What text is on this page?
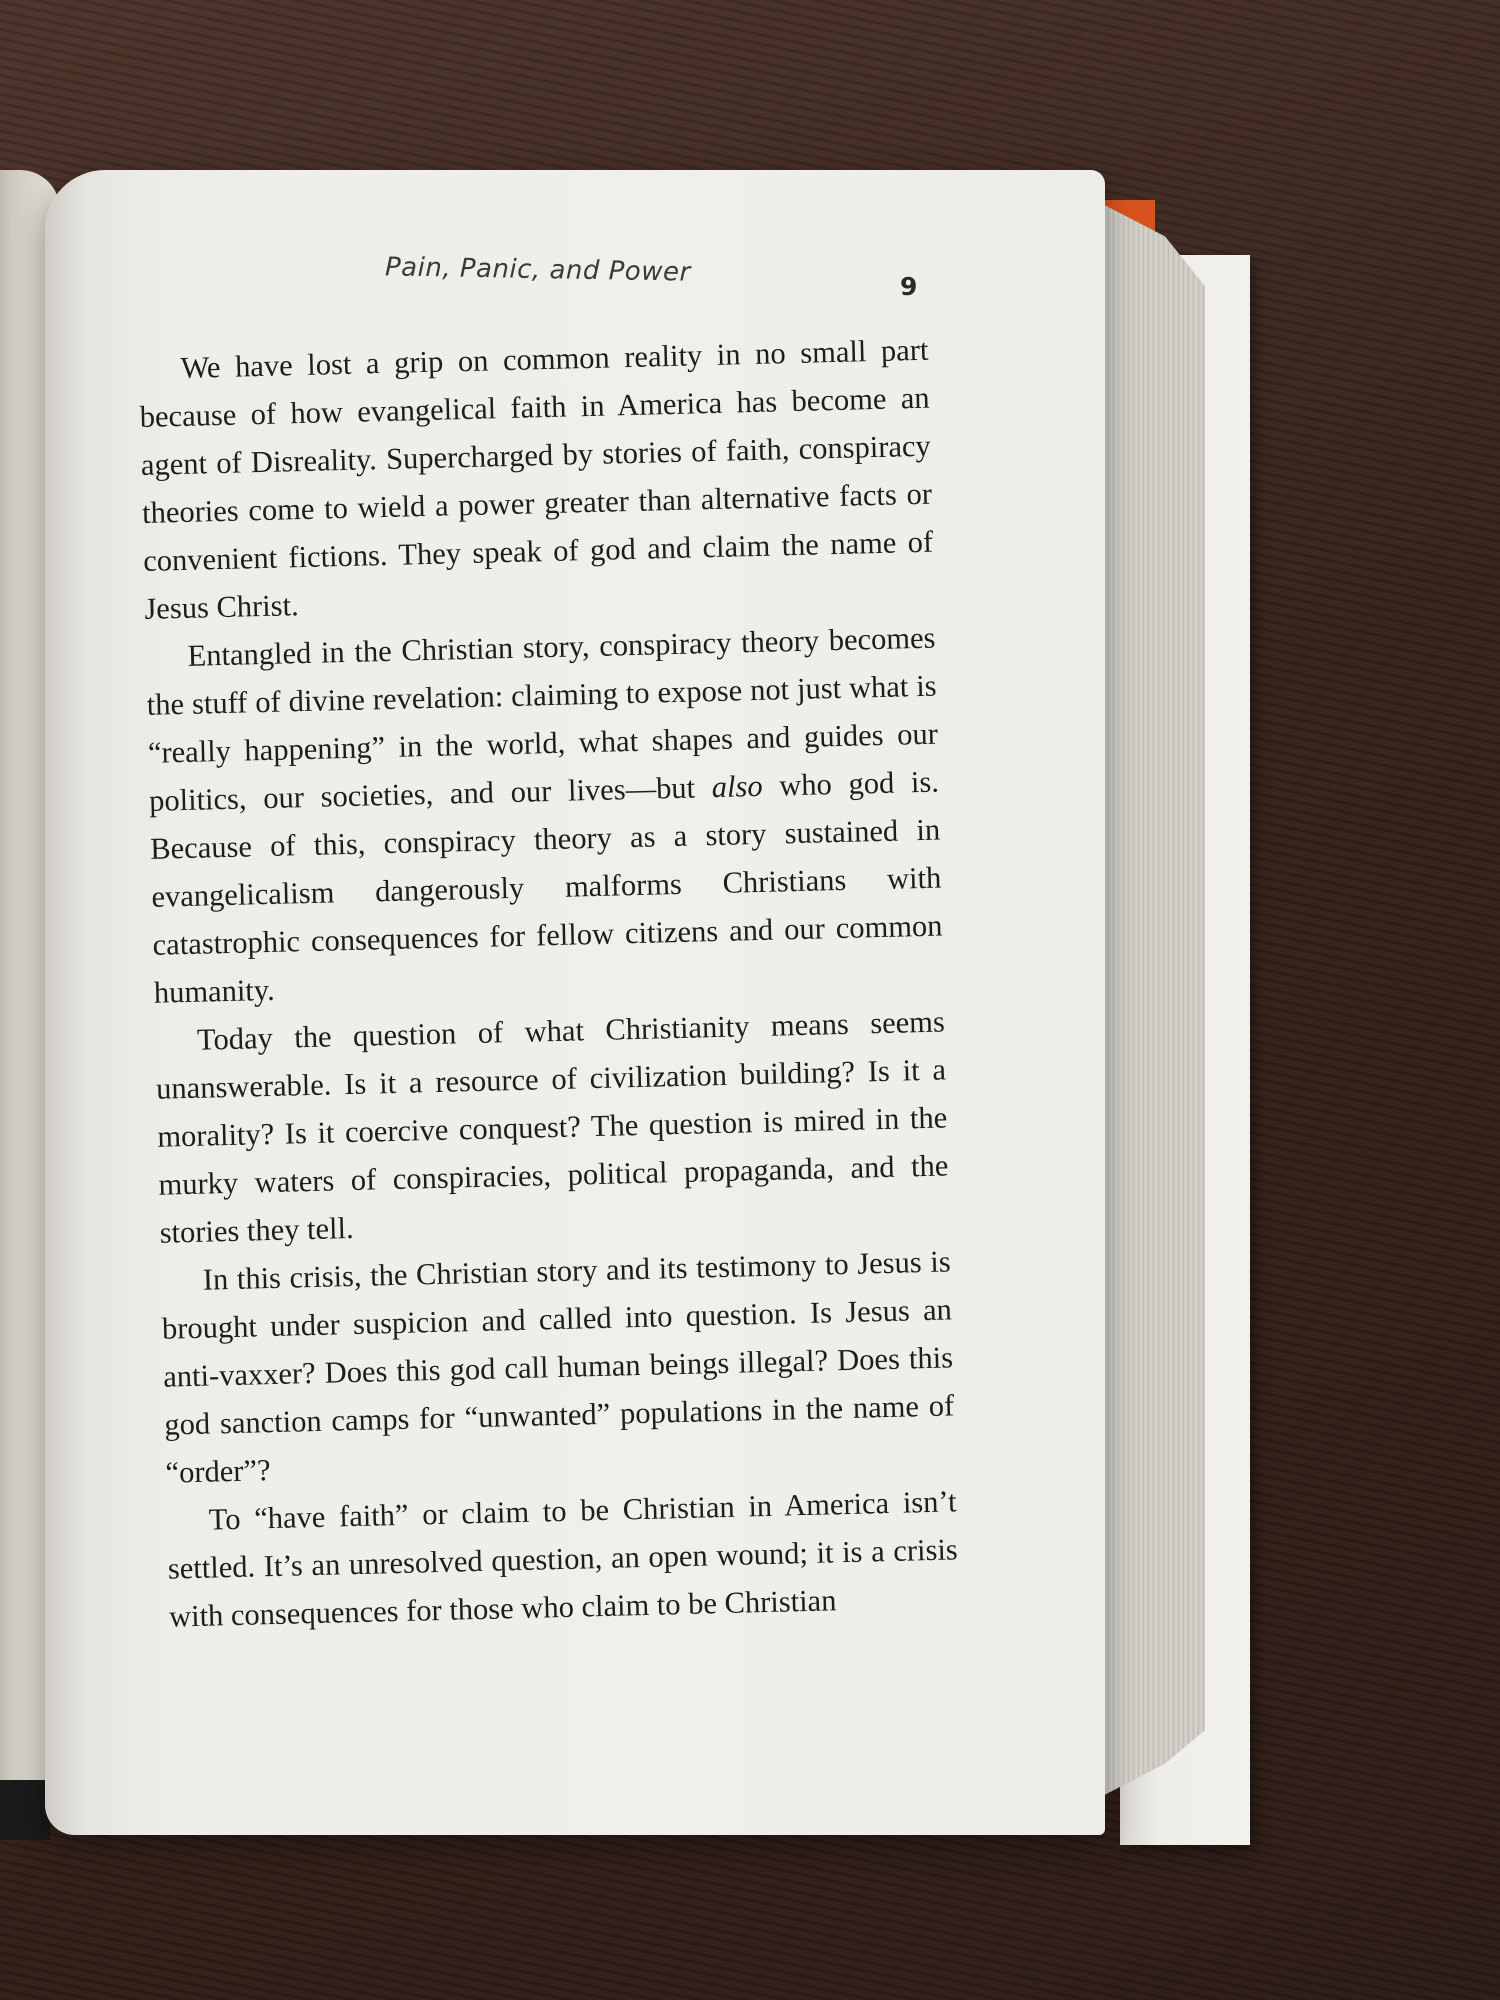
Pain, Panic, and Power	9

We have lost a grip on common reality in no small part because of how evangelical faith in America has become an agent of Disreality. Supercharged by stories of faith, conspiracy theories come to wield a power greater than alternative facts or convenient fictions. They speak of god and claim the name of Jesus Christ.

Entangled in the Christian story, conspiracy theory becomes the stuff of divine revelation: claiming to expose not just what is “really happening” in the world, what shapes and guides our politics, our societies, and our lives—but also who god is. Because of this, conspiracy theory as a story sustained in evangelicalism dangerously malforms Christians with catastrophic consequences for fellow citizens and our common humanity.

Today the question of what Christianity means seems unanswerable. Is it a resource of civilization building? Is it a morality? Is it coercive conquest? The question is mired in the murky waters of conspiracies, political propaganda, and the stories they tell.

In this crisis, the Christian story and its testimony to Jesus is brought under suspicion and called into question. Is Jesus an anti-vaxxer? Does this god call human beings illegal? Does this god sanction camps for “unwanted” populations in the name of “order”?

To “have faith” or claim to be Christian in America isn’t settled. It’s an unresolved question, an open wound; it is a crisis with consequences for those who claim to be Christian
